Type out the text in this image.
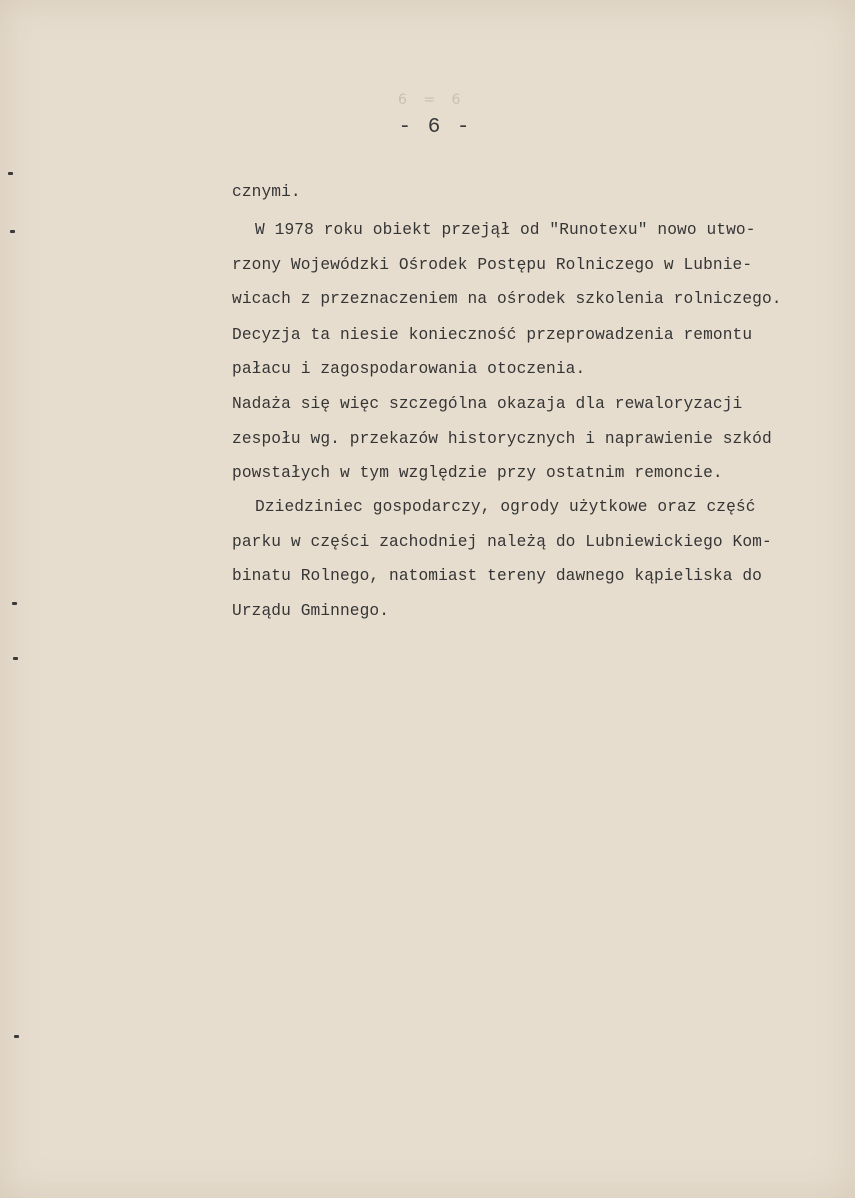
6 = 6
- 6 -
cznymi.
W 1978 roku obiekt przejął od "Runotexu" nowo utwo-
rzony Wojewódzki Ośrodek Postępu Rolniczego w Lubnie-
wicach z przeznaczeniem na ośrodek szkolenia rolniczego.
Decyzja ta niesie konieczność przeprowadzenia remontu
pałacu i zagospodarowania otoczenia.
Nadaża się więc szczególna okazaja dla rewaloryzacji
zespołu wg. przekazów historycznych i naprawienie szkód
powstałych w tym względzie przy ostatnim remoncie.
Dziedziniec gospodarczy, ogrody użytkowe oraz część
parku w części zachodniej należą do Lubniewickiego Kom-
binatu Rolnego, natomiast tereny dawnego kąpieliska do
Urządu Gminnego.
